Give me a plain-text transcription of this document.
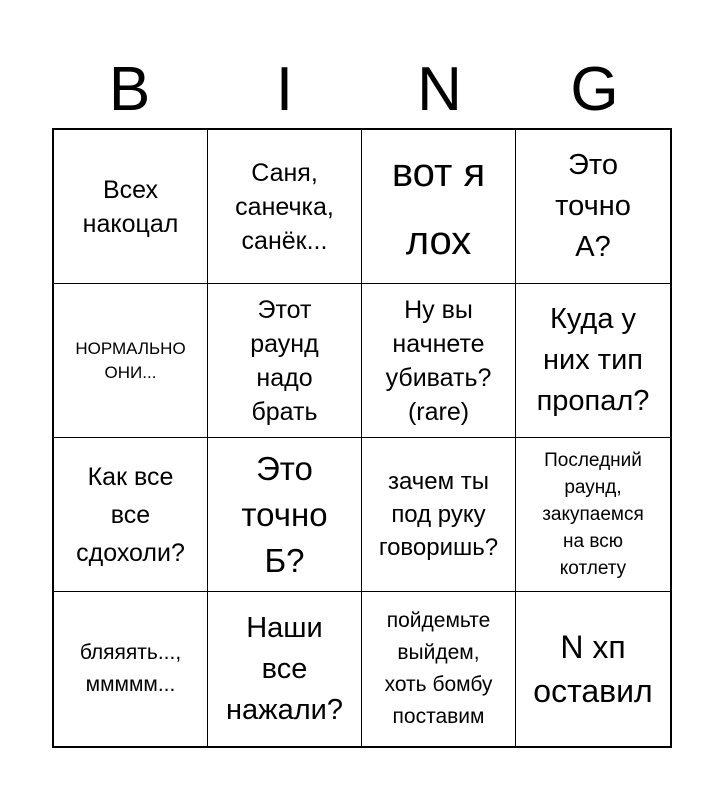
B	I	N	G
Всех
накоцал
Саня,
санечка,
санёк...
вот я
лох
Это
точно
А?
НОРМАЛЬНО
ОНИ...
Этот
раунд
надо
брать
Ну вы
начнете
убивать?
(rare)
Куда у
них тип
пропал?
Как все
все
сдохоли?
Это
точно
Б?
зачем ты
под руку
говоришь?
Последний
раунд,
закупаемся
на всю
котлету
бляяять...,
ммммм...
Наши
все
нажали?
пойдемьте
выйдем,
хоть бомбу
поставим
N хп
оставил
